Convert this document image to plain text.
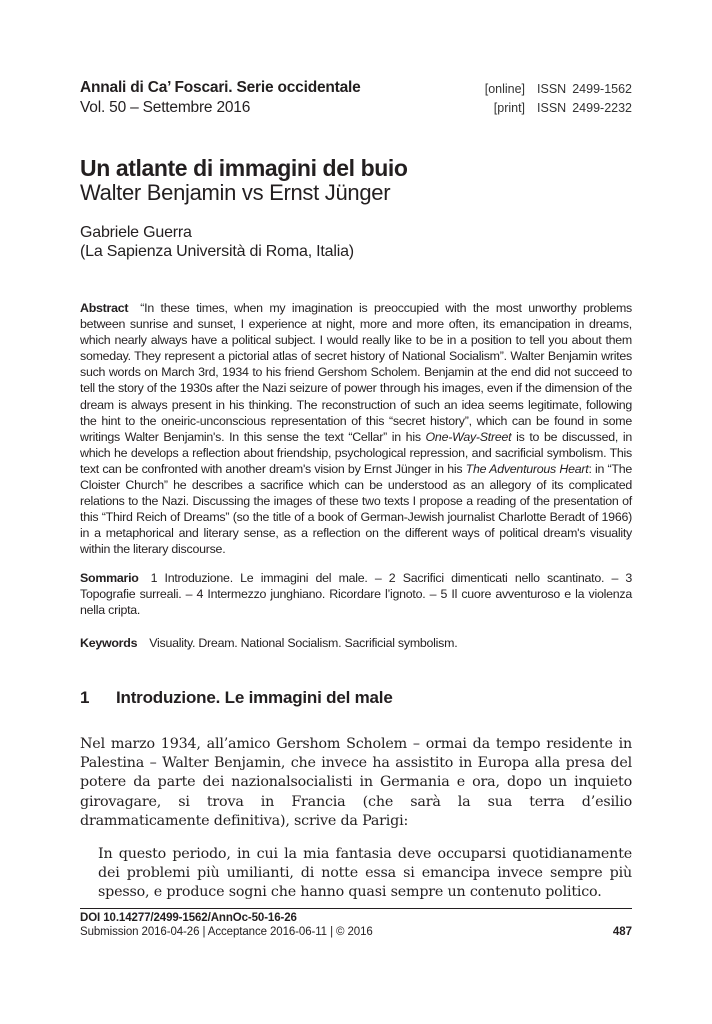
Annali di Ca’ Foscari. Serie occidentale
Vol. 50 – Settembre 2016
[online] ISSN 2499-1562
[print] ISSN 2499-2232
Un atlante di immagini del buio
Walter Benjamin vs Ernst Jünger
Gabriele Guerra
(La Sapienza Università di Roma, Italia)
Abstract “In these times, when my imagination is preoccupied with the most unworthy problems between sunrise and sunset, I experience at night, more and more often, its emancipation in dreams, which nearly always have a political subject. I would really like to be in a position to tell you about them someday. They represent a pictorial atlas of secret history of National Socialism”. Walter Benjamin writes such words on March 3rd, 1934 to his friend Gershom Scholem. Benjamin at the end did not succeed to tell the story of the 1930s after the Nazi seizure of power through his images, even if the dimension of the dream is always present in his thinking. The reconstruction of such an idea seems legitimate, following the hint to the oneiric-unconscious representation of this “secret history”, which can be found in some writings Walter Benjamin's. In this sense the text “Cellar” in his One-Way-Street is to be discussed, in which he develops a reflection about friendship, psychological repression, and sacrificial symbolism. This text can be confronted with another dream's vision by Ernst Jünger in his The Adventurous Heart: in “The Cloister Church” he describes a sacrifice which can be understood as an allegory of its complicated relations to the Nazi. Discussing the images of these two texts I propose a reading of the presentation of this “Third Reich of Dreams” (so the title of a book of German-Jewish journalist Charlotte Beradt of 1966) in a metaphorical and literary sense, as a reflection on the different ways of political dream's visuality within the literary discourse.
Sommario 1 Introduzione. Le immagini del male. – 2 Sacrifici dimenticati nello scantinato. – 3 Topografie surreali. – 4 Intermezzo junghiano. Ricordare l’ignoto. – 5 Il cuore avventuroso e la violenza nella cripta.
Keywords Visuality. Dream. National Socialism. Sacrificial symbolism.
1 Introduzione. Le immagini del male
Nel marzo 1934, all’amico Gershom Scholem – ormai da tempo residente in Palestina – Walter Benjamin, che invece ha assistito in Europa alla presa del potere da parte dei nazionalsocialisti in Germania e ora, dopo un inquieto girovagare, si trova in Francia (che sarà la sua terra d’esilio drammaticamente definitiva), scrive da Parigi:
In questo periodo, in cui la mia fantasia deve occuparsi quotidianamente dei problemi più umilianti, di notte essa si emancipa invece sempre più spesso, e produce sogni che hanno quasi sempre un contenuto politico.
DOI 10.14277/2499-1562/AnnOc-50-16-26
Submission 2016-04-26 | Acceptance 2016-06-11 | © 2016	487
